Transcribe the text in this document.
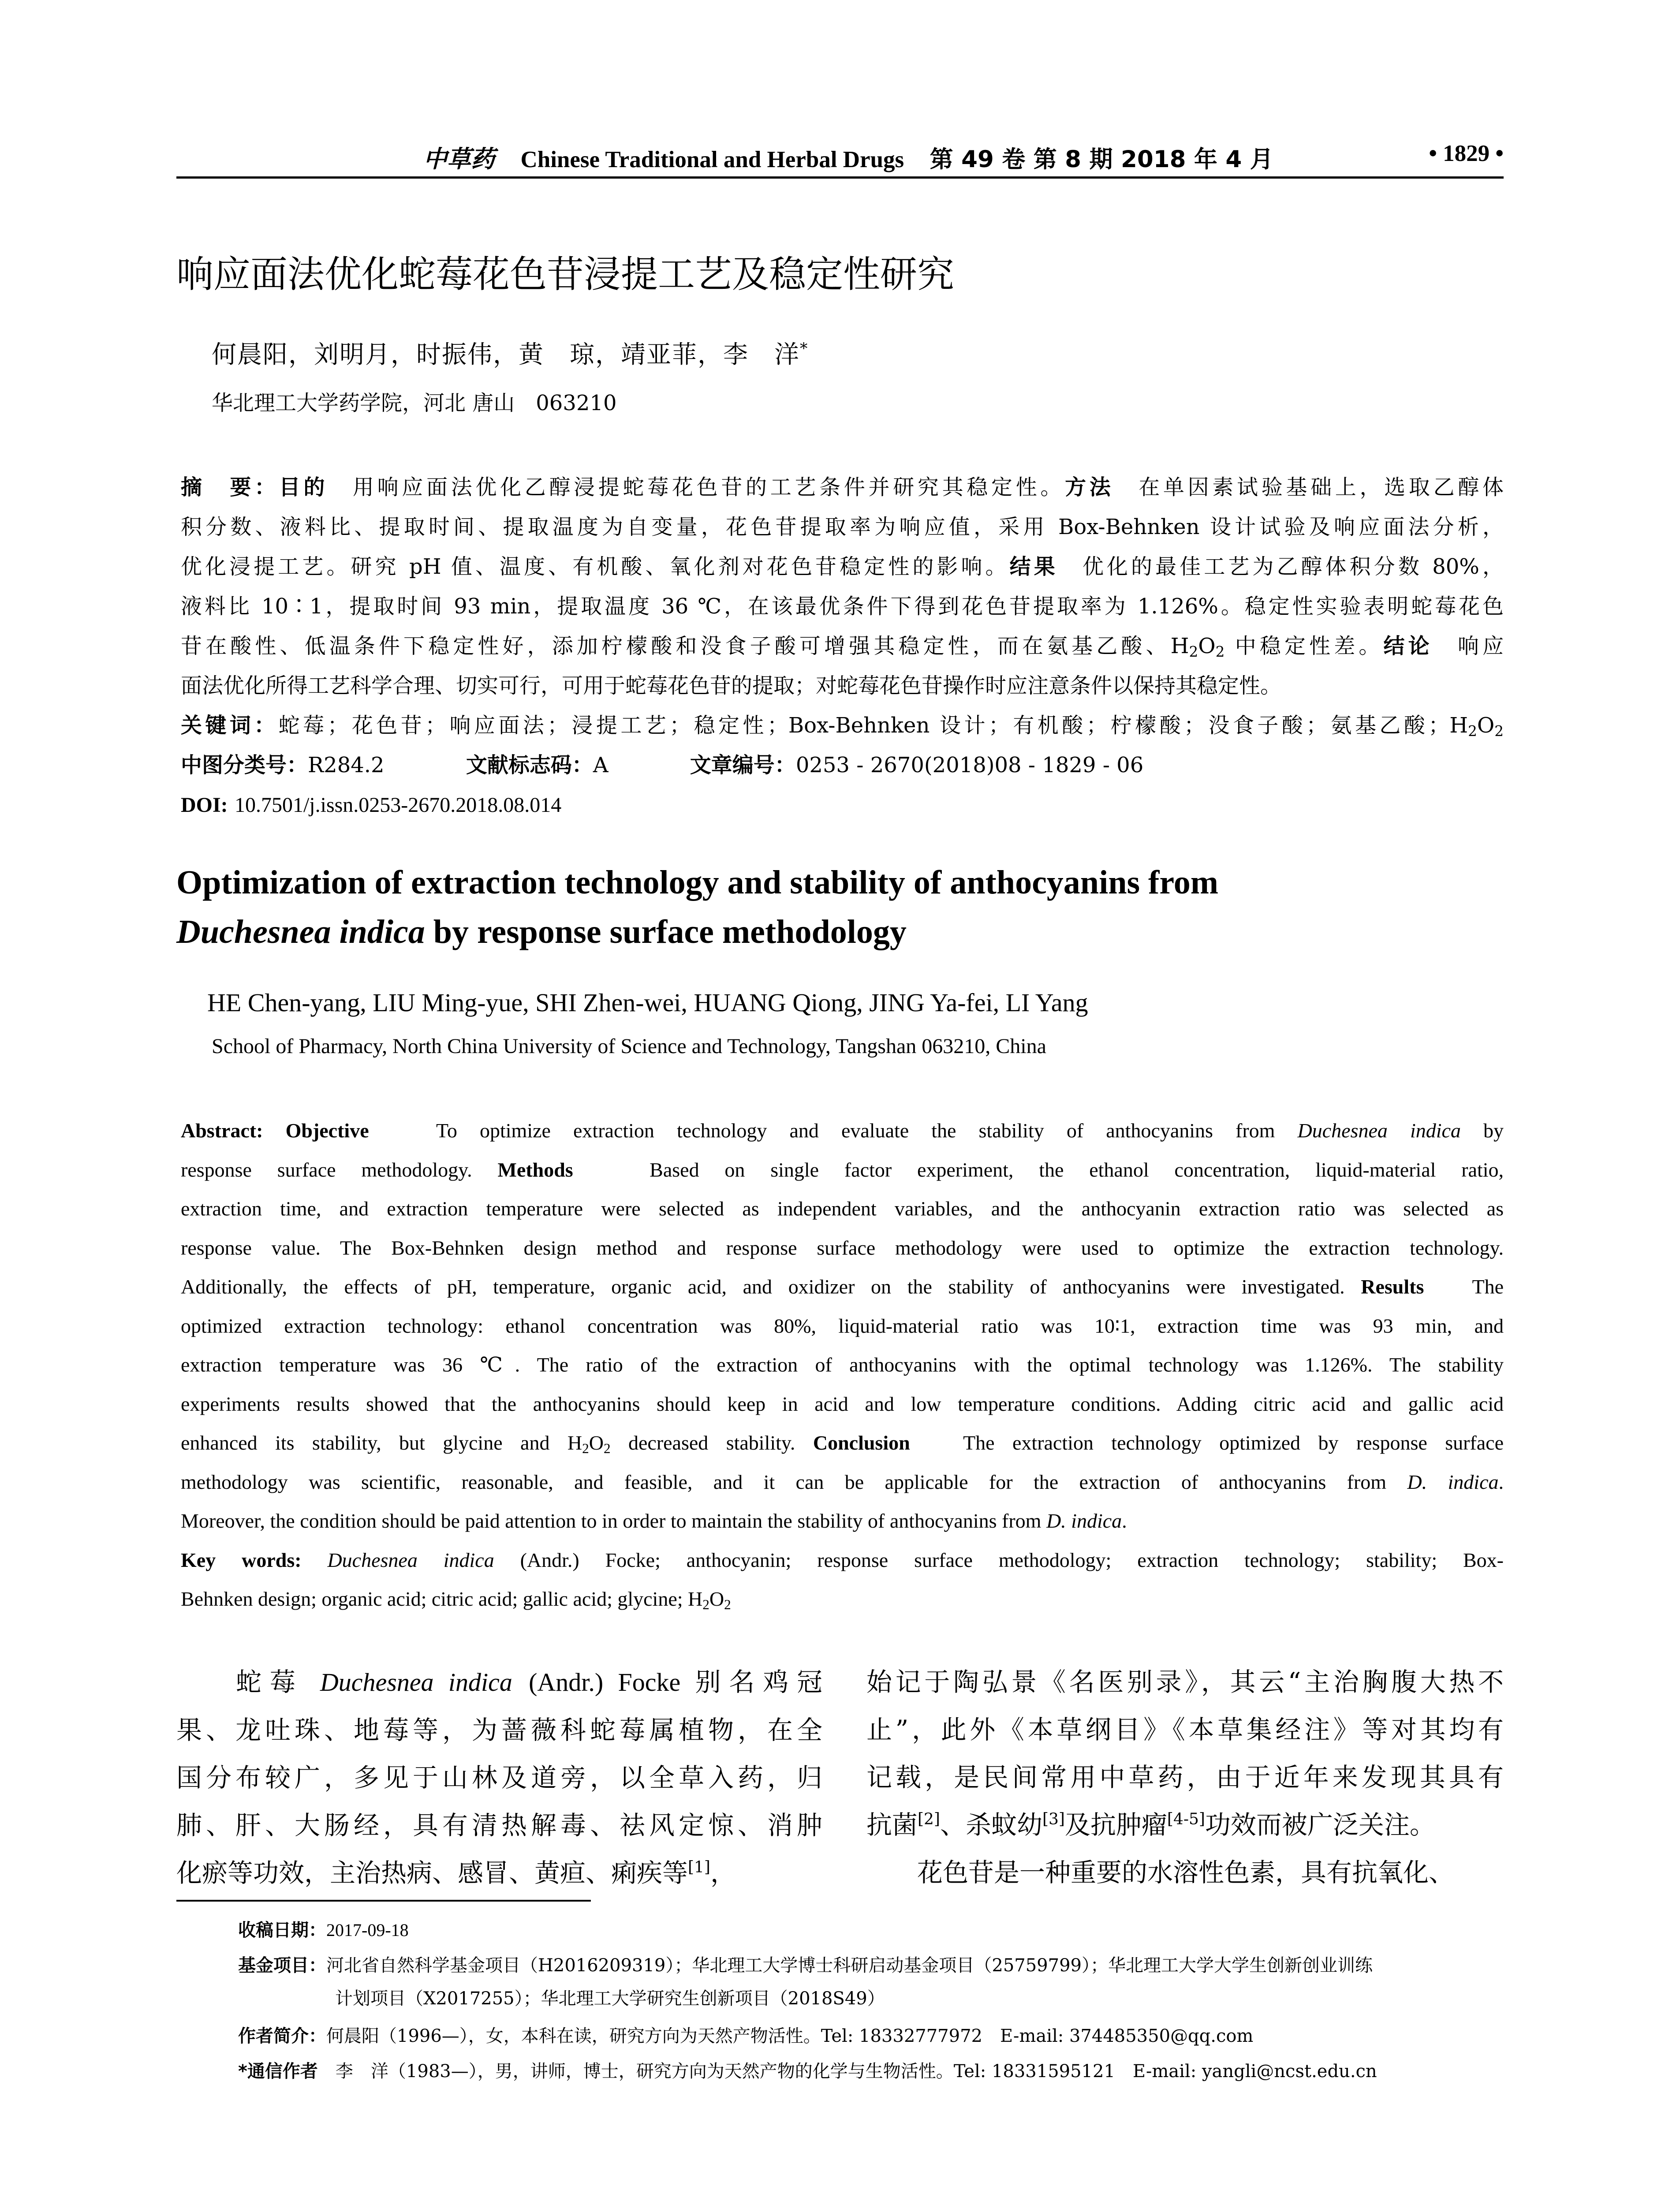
中草药 Chinese Traditional and Herbal Drugs 第 49 卷 第 8 期 2018 年 4 月	• 1829 •
响应面法优化蛇莓花色苷浸提工艺及稳定性研究
何晨阳，刘明月，时振伟，黄　琼，靖亚菲，李　洋*
华北理工大学药学院，河北 唐山　063210
摘　要：目的　 用响应面法优化乙醇浸提蛇莓花色苷的工艺条件并研究其稳定性。方法　 在单因素试验基础上，选取乙醇体
积分数、液料比、提取时间、提取温度为自变量，花色苷提取率为响应值，采用 Box-Behnken 设计试验及响应面法分析，
优化浸提工艺。研究 pH 值、温度、有机酸、氧化剂对花色苷稳定性的影响。结果　 优化的最佳工艺为乙醇体积分数 80%，
液料比 10∶1，提取时间 93 min，提取温度 36 ℃，在该最优条件下得到花色苷提取率为 1.126%。稳定性实验表明蛇莓花色
苷在酸性、低温条件下稳定性好，添加柠檬酸和没食子酸可增强其稳定性，而在氨基乙酸、$H_2O_2$ 中稳定性差。结论　 响应
面法优化所得工艺科学合理、切实可行，可用于蛇莓花色苷的提取；对蛇莓花色苷操作时应注意条件以保持其稳定性。
关键词：蛇莓；花色苷；响应面法；浸提工艺；稳定性；Box-Behnken 设计；有机酸；柠檬酸；没食子酸；氨基乙酸；$H_2O_2$
中图分类号：R284.2	文献标志码：A	文章编号：0253 - 2670(2018)08 - 1829 - 06
DOI: 10.7501/j.issn.0253-2670.2018.08.014
Optimization of extraction technology and stability of anthocyanins from
Duchesnea indica by response surface methodology
HE Chen-yang, LIU Ming-yue, SHI Zhen-wei, HUANG Qiong, JING Ya-fei, LI Yang
School of Pharmacy, North China University of Science and Technology, Tangshan 063210, China
Abstract: Objective	To optimize extraction technology and evaluate the stability of anthocyanins from Duchesnea indica by
response surface methodology. Methods	Based on single factor experiment, the ethanol concentration, liquid-material ratio,
extraction time, and extraction temperature were selected as independent variables, and the anthocyanin extraction ratio was selected as
response value. The Box-Behnken design method and response surface methodology were used to optimize the extraction technology.
Additionally, the effects of pH, temperature, organic acid, and oxidizer on the stability of anthocyanins were investigated. Results The
optimized extraction technology: ethanol concentration was 80%, liquid-material ratio was 10∶1, extraction time was 93 min, and
extraction temperature was 36 ℃. The ratio of the extraction of anthocyanins with the optimal technology was 1.126%. The stability
experiments results showed that the anthocyanins should keep in acid and low temperature conditions. Adding citric acid and gallic acid
enhanced its stability, but glycine and $H_2O_2$ decreased stability. Conclusion	The extraction technology optimized by response surface
methodology was scientific, reasonable, and feasible, and it can be applicable for the extraction of anthocyanins from D. indica.
Moreover, the condition should be paid attention to in order to maintain the stability of anthocyanins from D. indica.
Key words: Duchesnea indica (Andr.) Focke; anthocyanin; response surface methodology; extraction technology; stability; Box-
Behnken design; organic acid; citric acid; gallic acid; glycine; $H_2O_2$
蛇莓 Duchesnea indica (Andr.) Focke 别名鸡冠
果、龙吐珠、地莓等，为蔷薇科蛇莓属植物，在全
国分布较广，多见于山林及道旁，以全草入药，归
肺、肝、大肠经，具有清热解毒、祛风定惊、消肿
化瘀等功效，主治热病、感冒、黄疸、痢疾等[1]，
始记于陶弘景《名医别录》，其云“主治胸腹大热不
止”，此外《本草纲目》《本草集经注》等对其均有
记载，是民间常用中草药，由于近年来发现其具有
抗菌[2]、杀蚊幼[3]及抗肿瘤[4-5]功效而被广泛关注。
花色苷是一种重要的水溶性色素，具有抗氧化、
收稿日期：2017-09-18
基金项目：河北省自然科学基金项目（H2016209319）；华北理工大学博士科研启动基金项目（25759799）；华北理工大学大学生创新创业训练
计划项目（X2017255）；华北理工大学研究生创新项目（2018S49）
作者简介：何晨阳（1996—），女，本科在读，研究方向为天然产物活性。Tel: 18332777972　E-mail: 374485350@qq.com
*通信作者　 李　洋（1983—），男，讲师，博士，研究方向为天然产物的化学与生物活性。Tel: 18331595121　E-mail: yangli@ncst.edu.cn
